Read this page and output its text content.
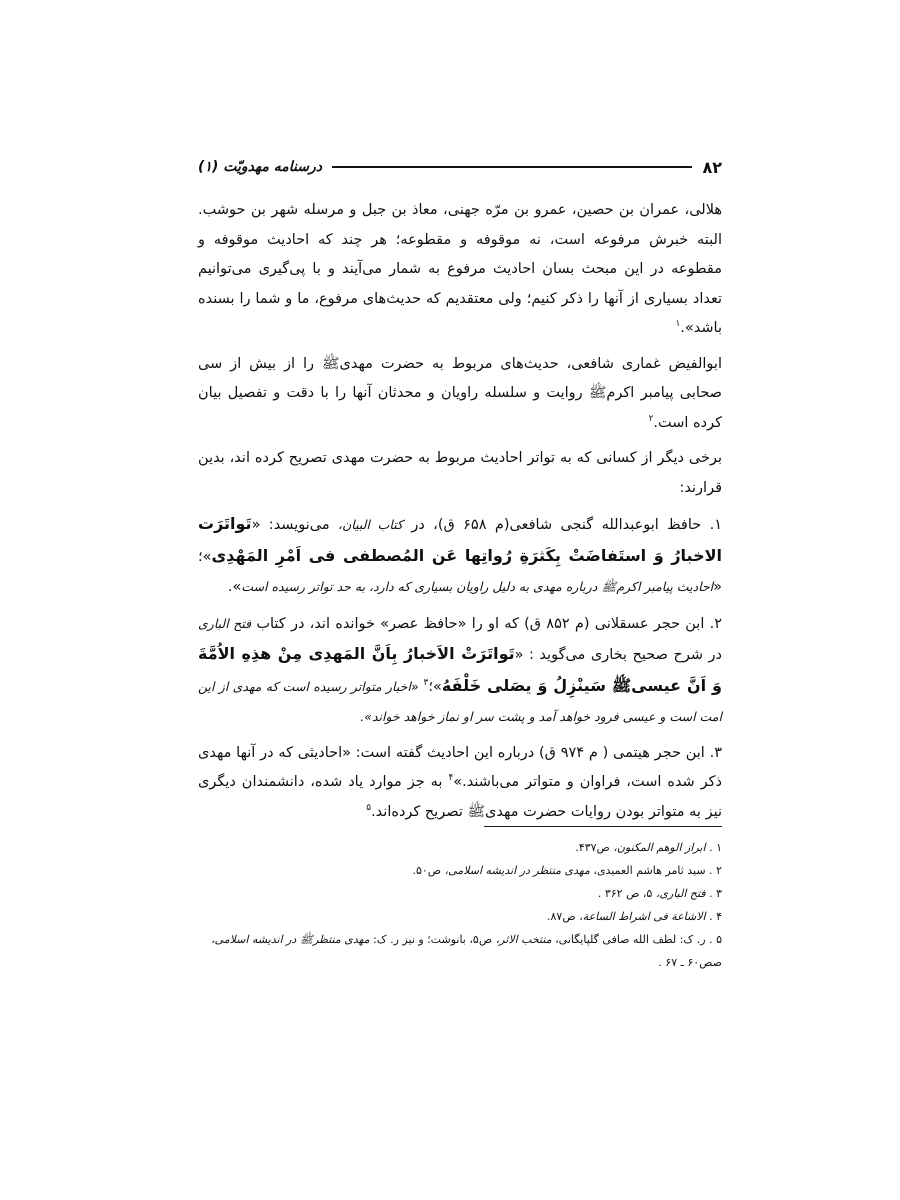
۸۲
درسنامه مهدويّت (۱)

هلالی، عمران بن حصین، عمرو بن مرّه جهنی، معاذ بن جبل و مرسله شهر بن حوشب. البته خبرش مرفوعه است، نه موقوفه و مقطوعه؛ هر چند که احادیث موقوفه و مقطوعه در این مبحث بسان احادیث مرفوع به شمار می‌آیند و با پی‌گیری می‌توانیم تعداد بسیاری از آنها را ذکر کنیم؛ ولی معتقدیم که حدیث‌های مرفوع، ما و شما را بسنده باشد».$^۱$

ابوالفیض غماری شافعی، حدیث‌های مربوط به حضرت مهدی‌ﷺ را از بیش از سی صحابی پیامبر اکرم‌ﷺ روایت و سلسله راویان و محدثان آنها را با دقت و تفصیل بیان کرده است.$^۲$

برخی دیگر از کسانی که به تواتر احادیث مربوط به حضرت مهدی تصریح کرده اند، بدین قرارند:

۱. حافظ ابوعبدالله گنجی شافعی(م ۶۵۸ ق)، در کتاب البیان، می‌نویسد: «تَواتَرَت الاخبارُ وَ استَفاضَتْ بِکَثرَةِ رُواتِها عَن المُصطفی فی اَمْرِ المَهْدِی»؛ «احادیث پیامبر اکرم‌ﷺ درباره مهدی به دلیل راویان بسیاری که دارد، به حد تواتر رسیده است».

۲. ابن حجر عسقلانی (م ۸۵۲ ق) که او را «حافظ عصر» خوانده اند، در کتاب فتح الباری در شرح صحیح بخاری می‌گوید : «تَواتَرَتْ الاَخبارُ بِاَنَّ المَهدِی مِنْ هذِهِ الاُمَّةَ وَ اَنَّ عیسی‌ﷺ سَینْزِلُ وَ یصَلی خَلْفَهُ»؛$^۳$ «اخبار متواتر رسیده است که مهدی از این امت است و عیسی فرود خواهد آمد و پشت سر او نماز خواهد خواند».

۳. ابن حجر هیتمی ( م ۹۷۴ ق) درباره این احادیث گفته است: «احادیثی که در آنها مهدی ذکر شده است، فراوان و متواتر می‌باشند.»$^۴$ به جز موارد یاد شده، دانشمندان دیگری نیز به متواتر بودن روایات حضرت مهدی‌ﷺ تصریح کرده‌اند.$^۵$

۱ . ابراز الوهم المکنون، ص۴۳۷.
۲ . سید ثامر هاشم العمیدی، مهدی منتظر در اندیشه اسلامی، ص۵۰.
۳ . فتح الباری، ۵، ص ۳۶۲ .
۴ . الاشاعة فی اشراط الساعة، ص۸۷.
۵ . ر. ک: لطف الله صافی گلپایگانی، منتخب الاثر، ص۵، بانوشت؛ و نیز ر. ک: مهدی منتظرﷺ در اندیشه اسلامی، صص۶۰ ـ ۶۷ .
